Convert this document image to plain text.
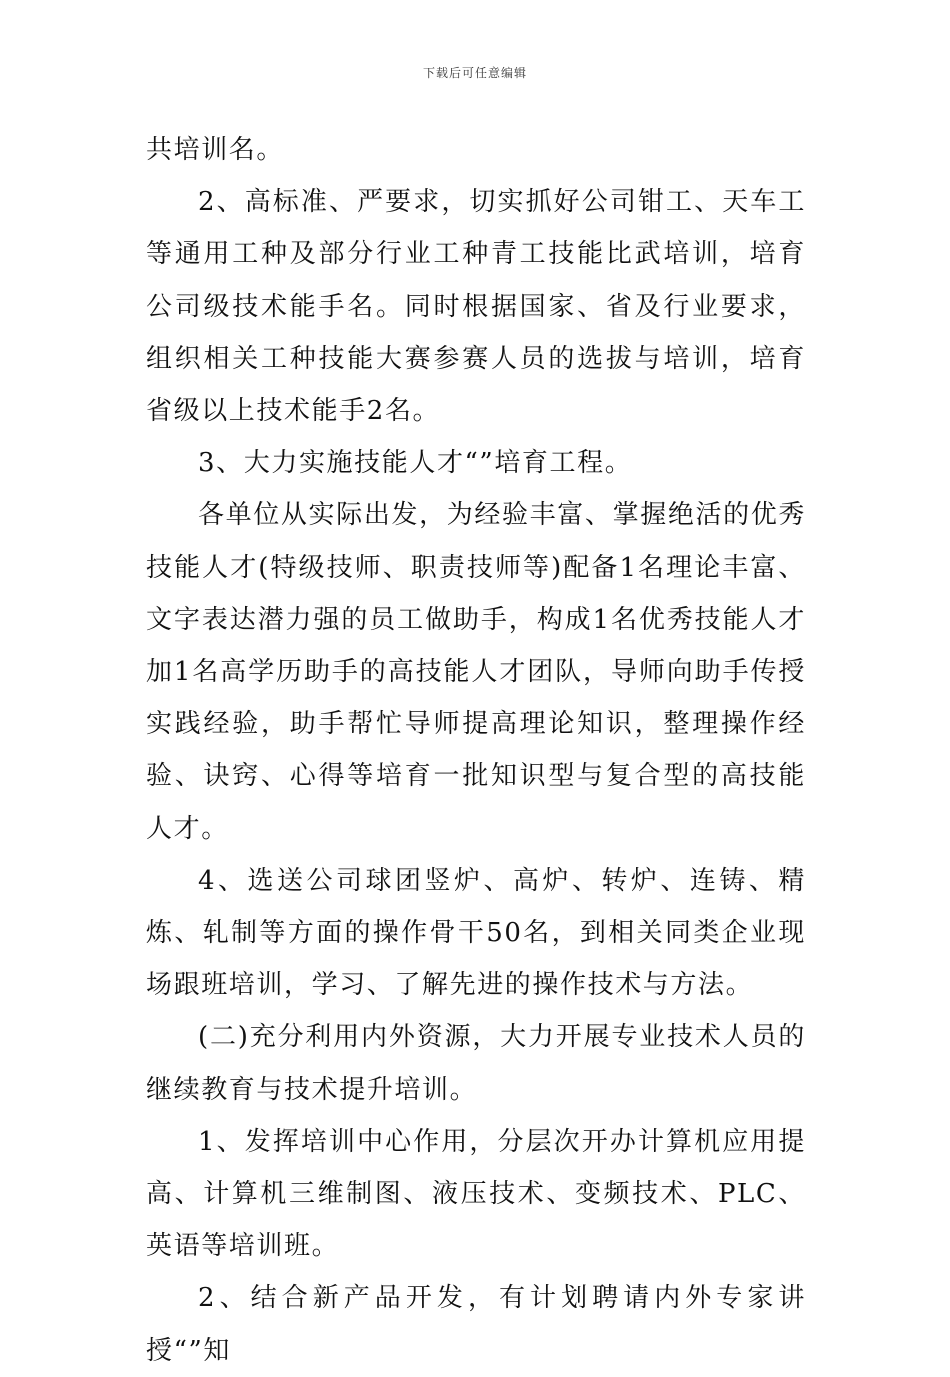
下载后可任意编辑

共培训名。

2、高标准、严要求，切实抓好公司钳工、天车工等通用工种及部分行业工种青工技能比武培训，培育公司级技术能手名。同时根据国家、省及行业要求，组织相关工种技能大赛参赛人员的选拔与培训，培育省级以上技术能手2名。

3、大力实施技能人才“”培育工程。

各单位从实际出发，为经验丰富、掌握绝活的优秀技能人才(特级技师、职责技师等)配备1名理论丰富、文字表达潜力强的员工做助手，构成1名优秀技能人才加1名高学历助手的高技能人才团队，导师向助手传授实践经验，助手帮忙导师提高理论知识，整理操作经验、诀窍、心得等培育一批知识型与复合型的高技能人才。

4、选送公司球团竖炉、高炉、转炉、连铸、精炼、轧制等方面的操作骨干50名，到相关同类企业现场跟班培训，学习、了解先进的操作技术与方法。

(二)充分利用内外资源，大力开展专业技术人员的继续教育与技术提升培训。

1、发挥培训中心作用，分层次开办计算机应用提高、计算机三维制图、液压技术、变频技术、PLC、英语等培训班。

2、结合新产品开发，有计划聘请内外专家讲授“”知
